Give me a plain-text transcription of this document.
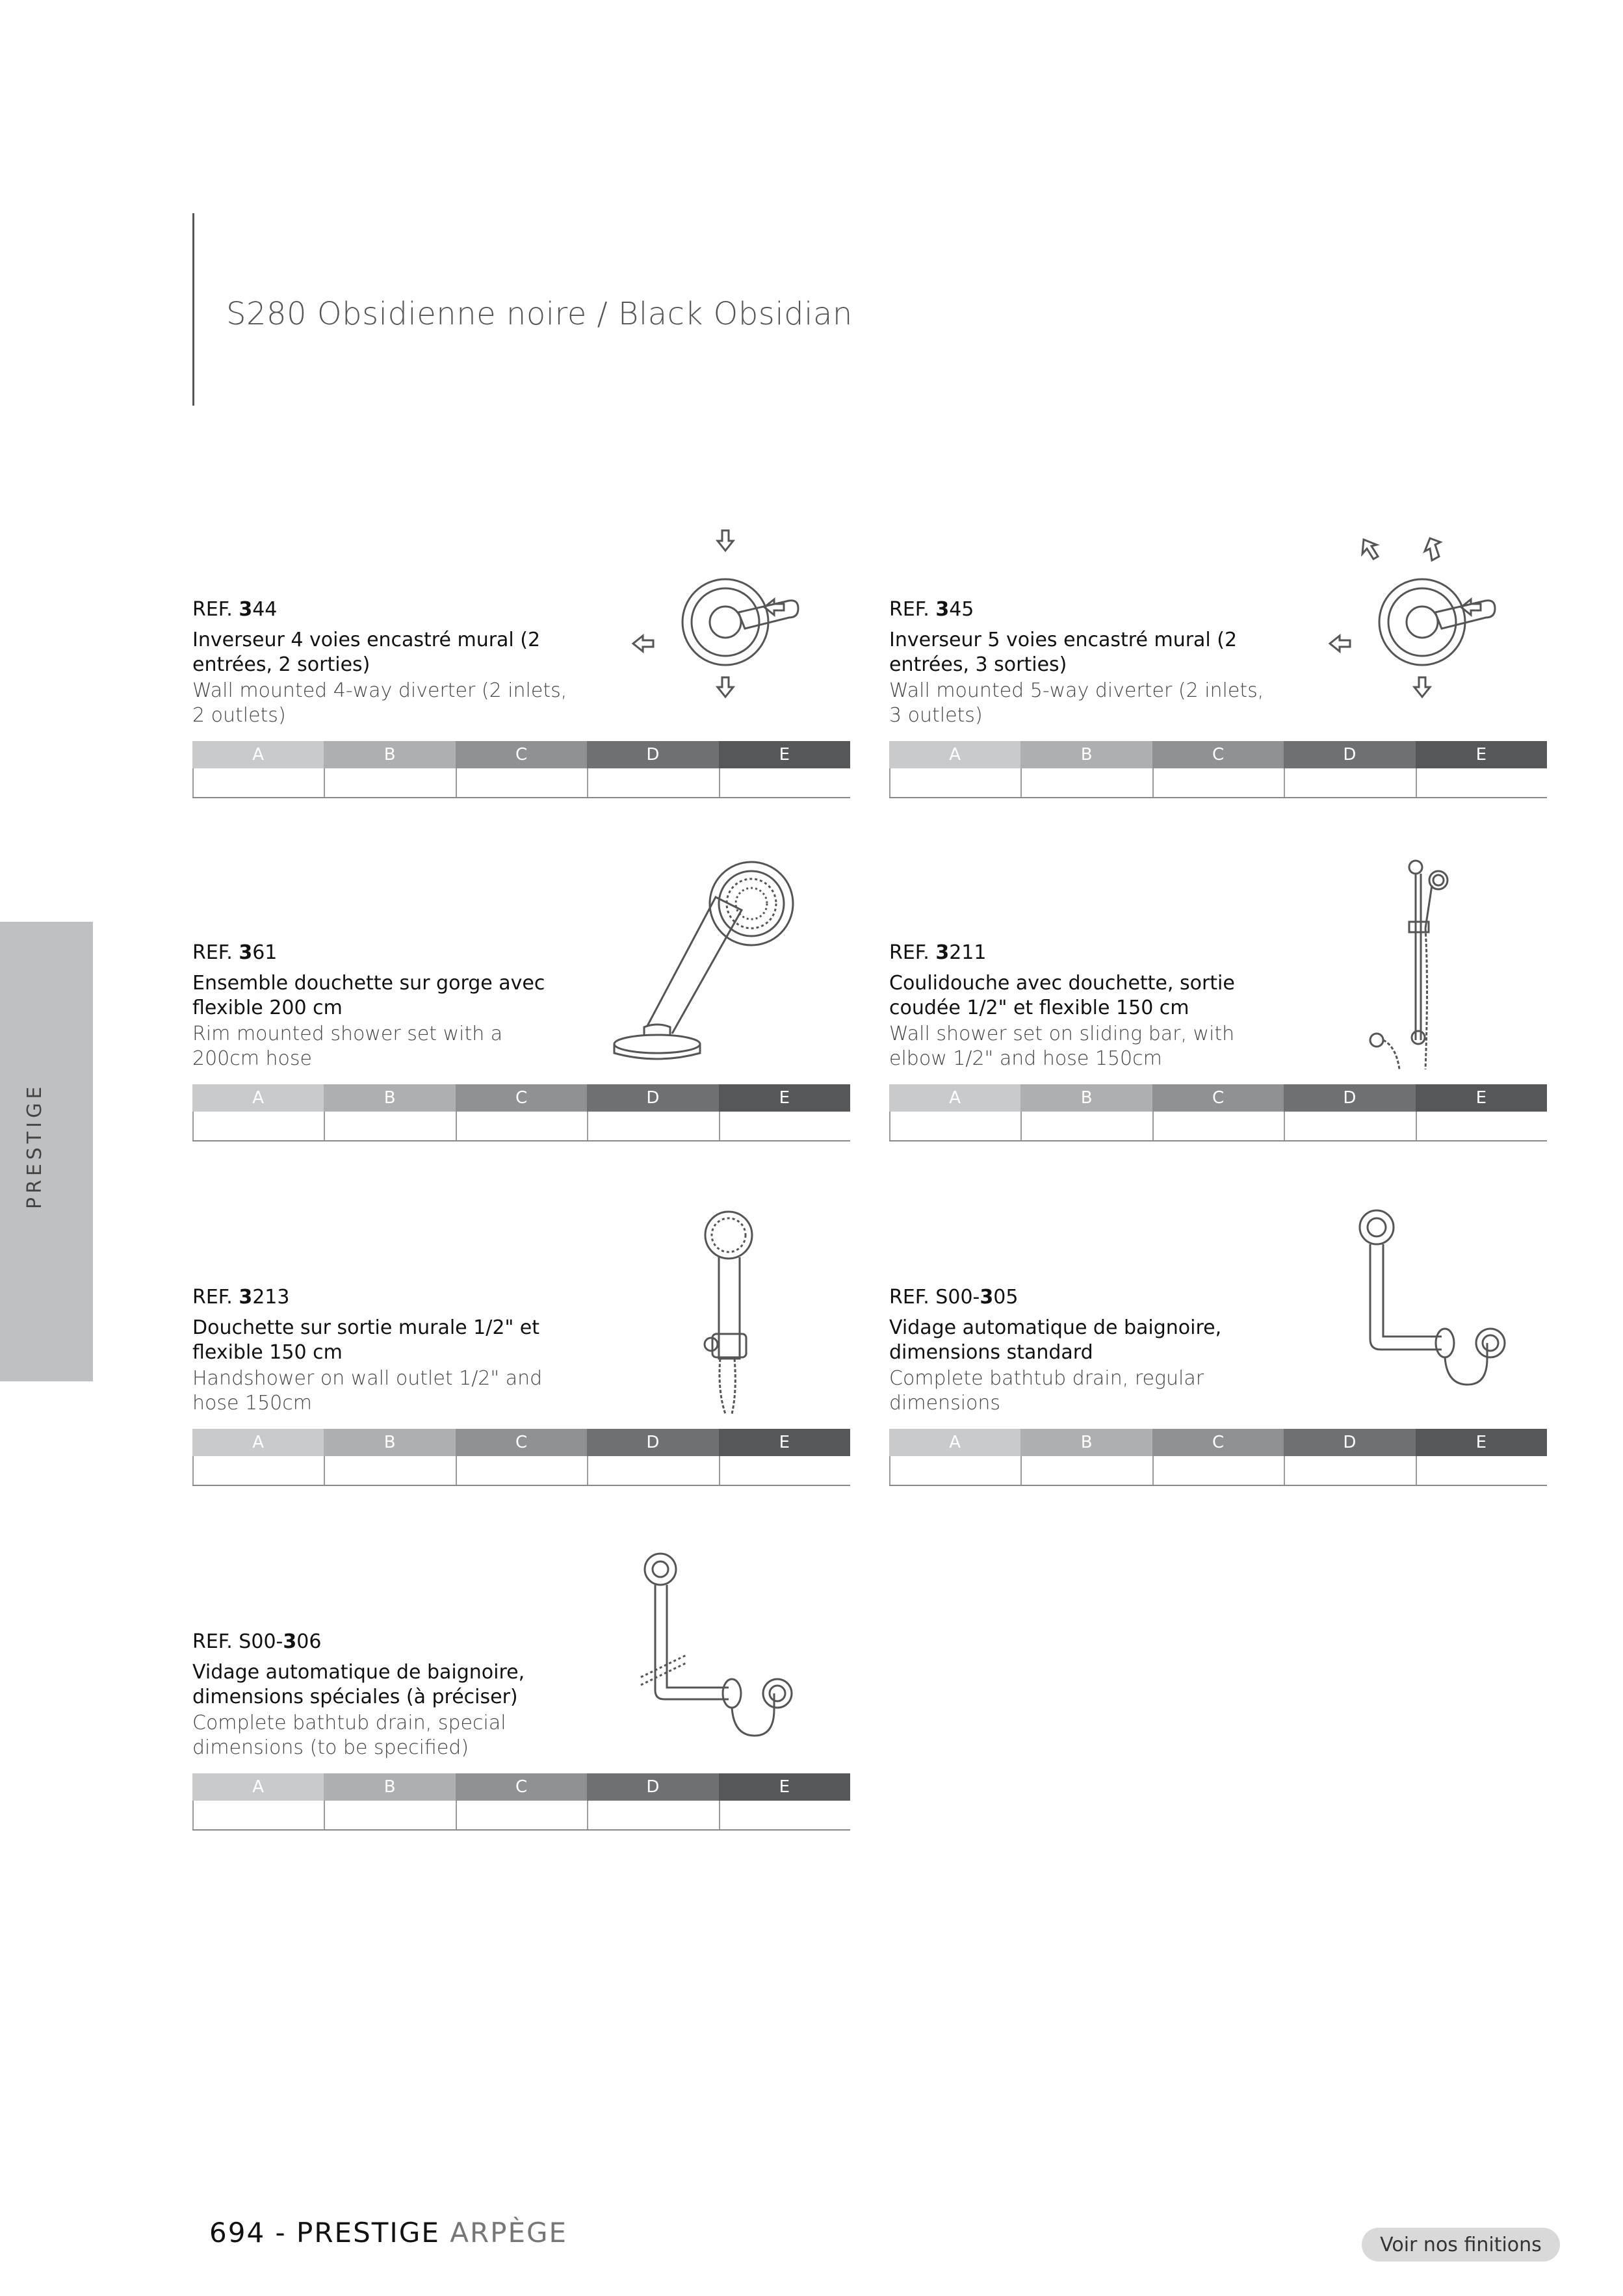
S280 Obsidienne noire / Black Obsidian
PRESTIGE
REF. 344
Inverseur 4 voies encastré mural (2 entrées, 2 sorties)
Wall mounted 4-way diverter (2 inlets, 2 outlets)
A	B	C	D	E
REF. 345
Inverseur 5 voies encastré mural (2 entrées, 3 sorties)
Wall mounted 5-way diverter (2 inlets, 3 outlets)
A	B	C	D	E
REF. 361
Ensemble douchette sur gorge avec flexible 200 cm
Rim mounted shower set with a 200cm hose
A	B	C	D	E
REF. 3211
Coulidouche avec douchette, sortie coudée 1/2" et flexible 150 cm
Wall shower set on sliding bar, with elbow 1/2" and hose 150cm
A	B	C	D	E
REF. 3213
Douchette sur sortie murale 1/2" et flexible 150 cm
Handshower on wall outlet 1/2" and hose 150cm
A	B	C	D	E
REF. S00-305
Vidage automatique de baignoire, dimensions standard
Complete bathtub drain, regular dimensions
A	B	C	D	E
REF. S00-306
Vidage automatique de baignoire, dimensions spéciales (à préciser)
Complete bathtub drain, special dimensions (to be specified)
A	B	C	D	E
694 - PRESTIGE ARPÈGE	Voir nos finitions
